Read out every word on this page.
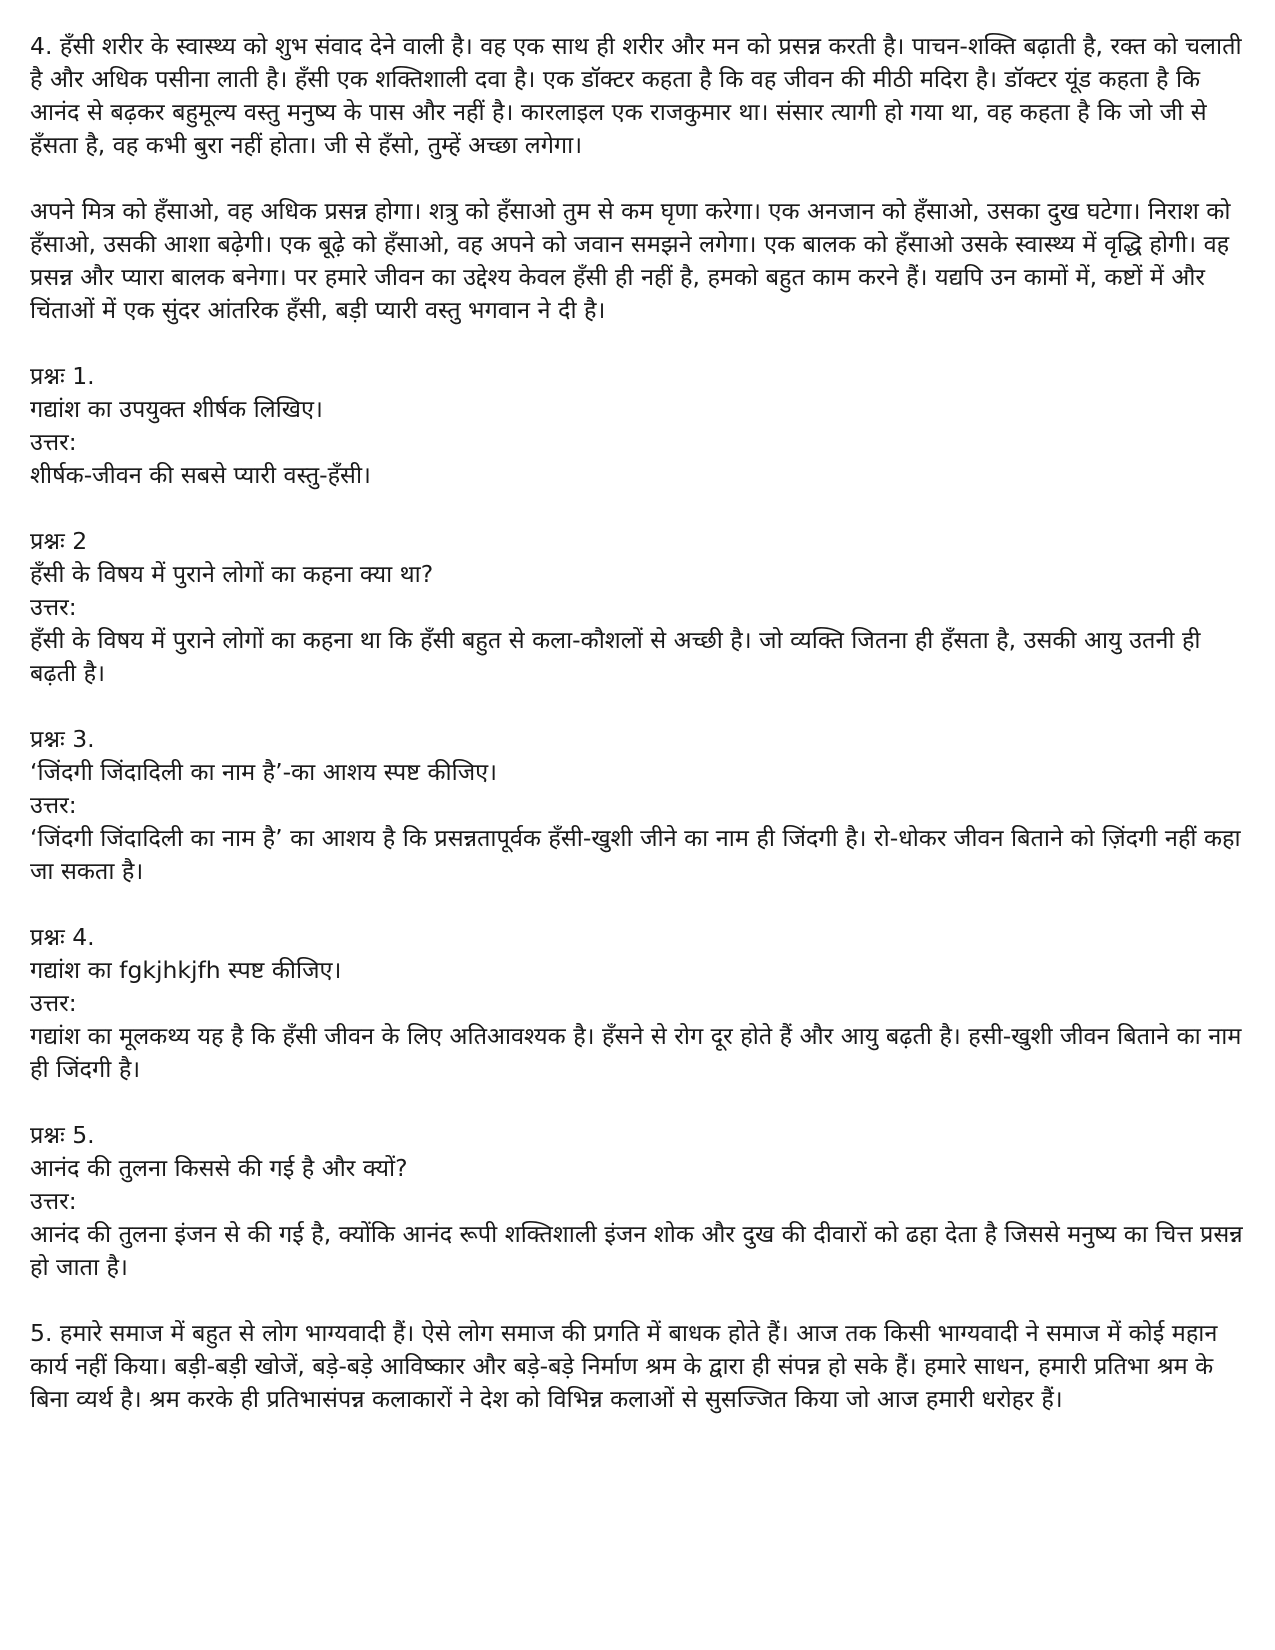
4. हँसी शरीर के स्वास्थ्य को शुभ संवाद देने वाली है। वह एक साथ ही शरीर और मन को प्रसन्न करती है। पाचन-शक्ति बढ़ाती है, रक्त को चलाती है और अधिक पसीना लाती है। हँसी एक शक्तिशाली दवा है। एक डॉक्टर कहता है कि वह जीवन की मीठी मदिरा है। डॉक्टर यूंड कहता है कि आनंद से बढ़कर बहुमूल्य वस्तु मनुष्य के पास और नहीं है। कारलाइल एक राजकुमार था। संसार त्यागी हो गया था, वह कहता है कि जो जी से हँसता है, वह कभी बुरा नहीं होता। जी से हँसो, तुम्हें अच्छा लगेगा।

अपने मित्र को हँसाओ, वह अधिक प्रसन्न होगा। शत्रु को हँसाओ तुम से कम घृणा करेगा। एक अनजान को हँसाओ, उसका दुख घटेगा। निराश को हँसाओ, उसकी आशा बढ़ेगी। एक बूढ़े को हँसाओ, वह अपने को जवान समझने लगेगा। एक बालक को हँसाओ उसके स्वास्थ्य में वृद्धि होगी। वह प्रसन्न और प्यारा बालक बनेगा। पर हमारे जीवन का उद्देश्य केवल हँसी ही नहीं है, हमको बहुत काम करने हैं। यद्यपि उन कामों में, कष्टों में और चिंताओं में एक सुंदर आंतरिक हँसी, बड़ी प्यारी वस्तु भगवान ने दी है।

प्रश्नः 1.

गद्यांश का उपयुक्त शीर्षक लिखिए।

उत्तर:

शीर्षक-जीवन की सबसे प्यारी वस्तु-हँसी।

प्रश्नः 2

हँसी के विषय में पुराने लोगों का कहना क्या था?

उत्तर:

हँसी के विषय में पुराने लोगों का कहना था कि हँसी बहुत से कला-कौशलों से अच्छी है। जो व्यक्ति जितना ही हँसता है, उसकी आयु उतनी ही बढ़ती है।

प्रश्नः 3.

‘जिंदगी जिंदादिली का नाम है’-का आशय स्पष्ट कीजिए।

उत्तर:

‘जिंदगी जिंदादिली का नाम है’ का आशय है कि प्रसन्नतापूर्वक हँसी-खुशी जीने का नाम ही जिंदगी है। रो-धोकर जीवन बिताने को ज़िंदगी नहीं कहा जा सकता है।

प्रश्नः 4.

गद्यांश का fgkjhkjfh स्पष्ट कीजिए।

उत्तर:

गद्यांश का मूलकथ्य यह है कि हँसी जीवन के लिए अतिआवश्यक है। हँसने से रोग दूर होते हैं और आयु बढ़ती है। हसी-खुशी जीवन बिताने का नाम ही जिंदगी है।

प्रश्नः 5.

आनंद की तुलना किससे की गई है और क्यों?

उत्तर:

आनंद की तुलना इंजन से की गई है, क्योंकि आनंद रूपी शक्तिशाली इंजन शोक और दुख की दीवारों को ढहा देता है जिससे मनुष्य का चित्त प्रसन्न हो जाता है।

5. हमारे समाज में बहुत से लोग भाग्यवादी हैं। ऐसे लोग समाज की प्रगति में बाधक होते हैं। आज तक किसी भाग्यवादी ने समाज में कोई महान कार्य नहीं किया। बड़ी-बड़ी खोजें, बड़े-बड़े आविष्कार और बड़े-बड़े निर्माण श्रम के द्वारा ही संपन्न हो सके हैं। हमारे साधन, हमारी प्रतिभा श्रम के बिना व्यर्थ है। श्रम करके ही प्रतिभासंपन्न कलाकारों ने देश को विभिन्न कलाओं से सुसज्जित किया जो आज हमारी धरोहर हैं।
